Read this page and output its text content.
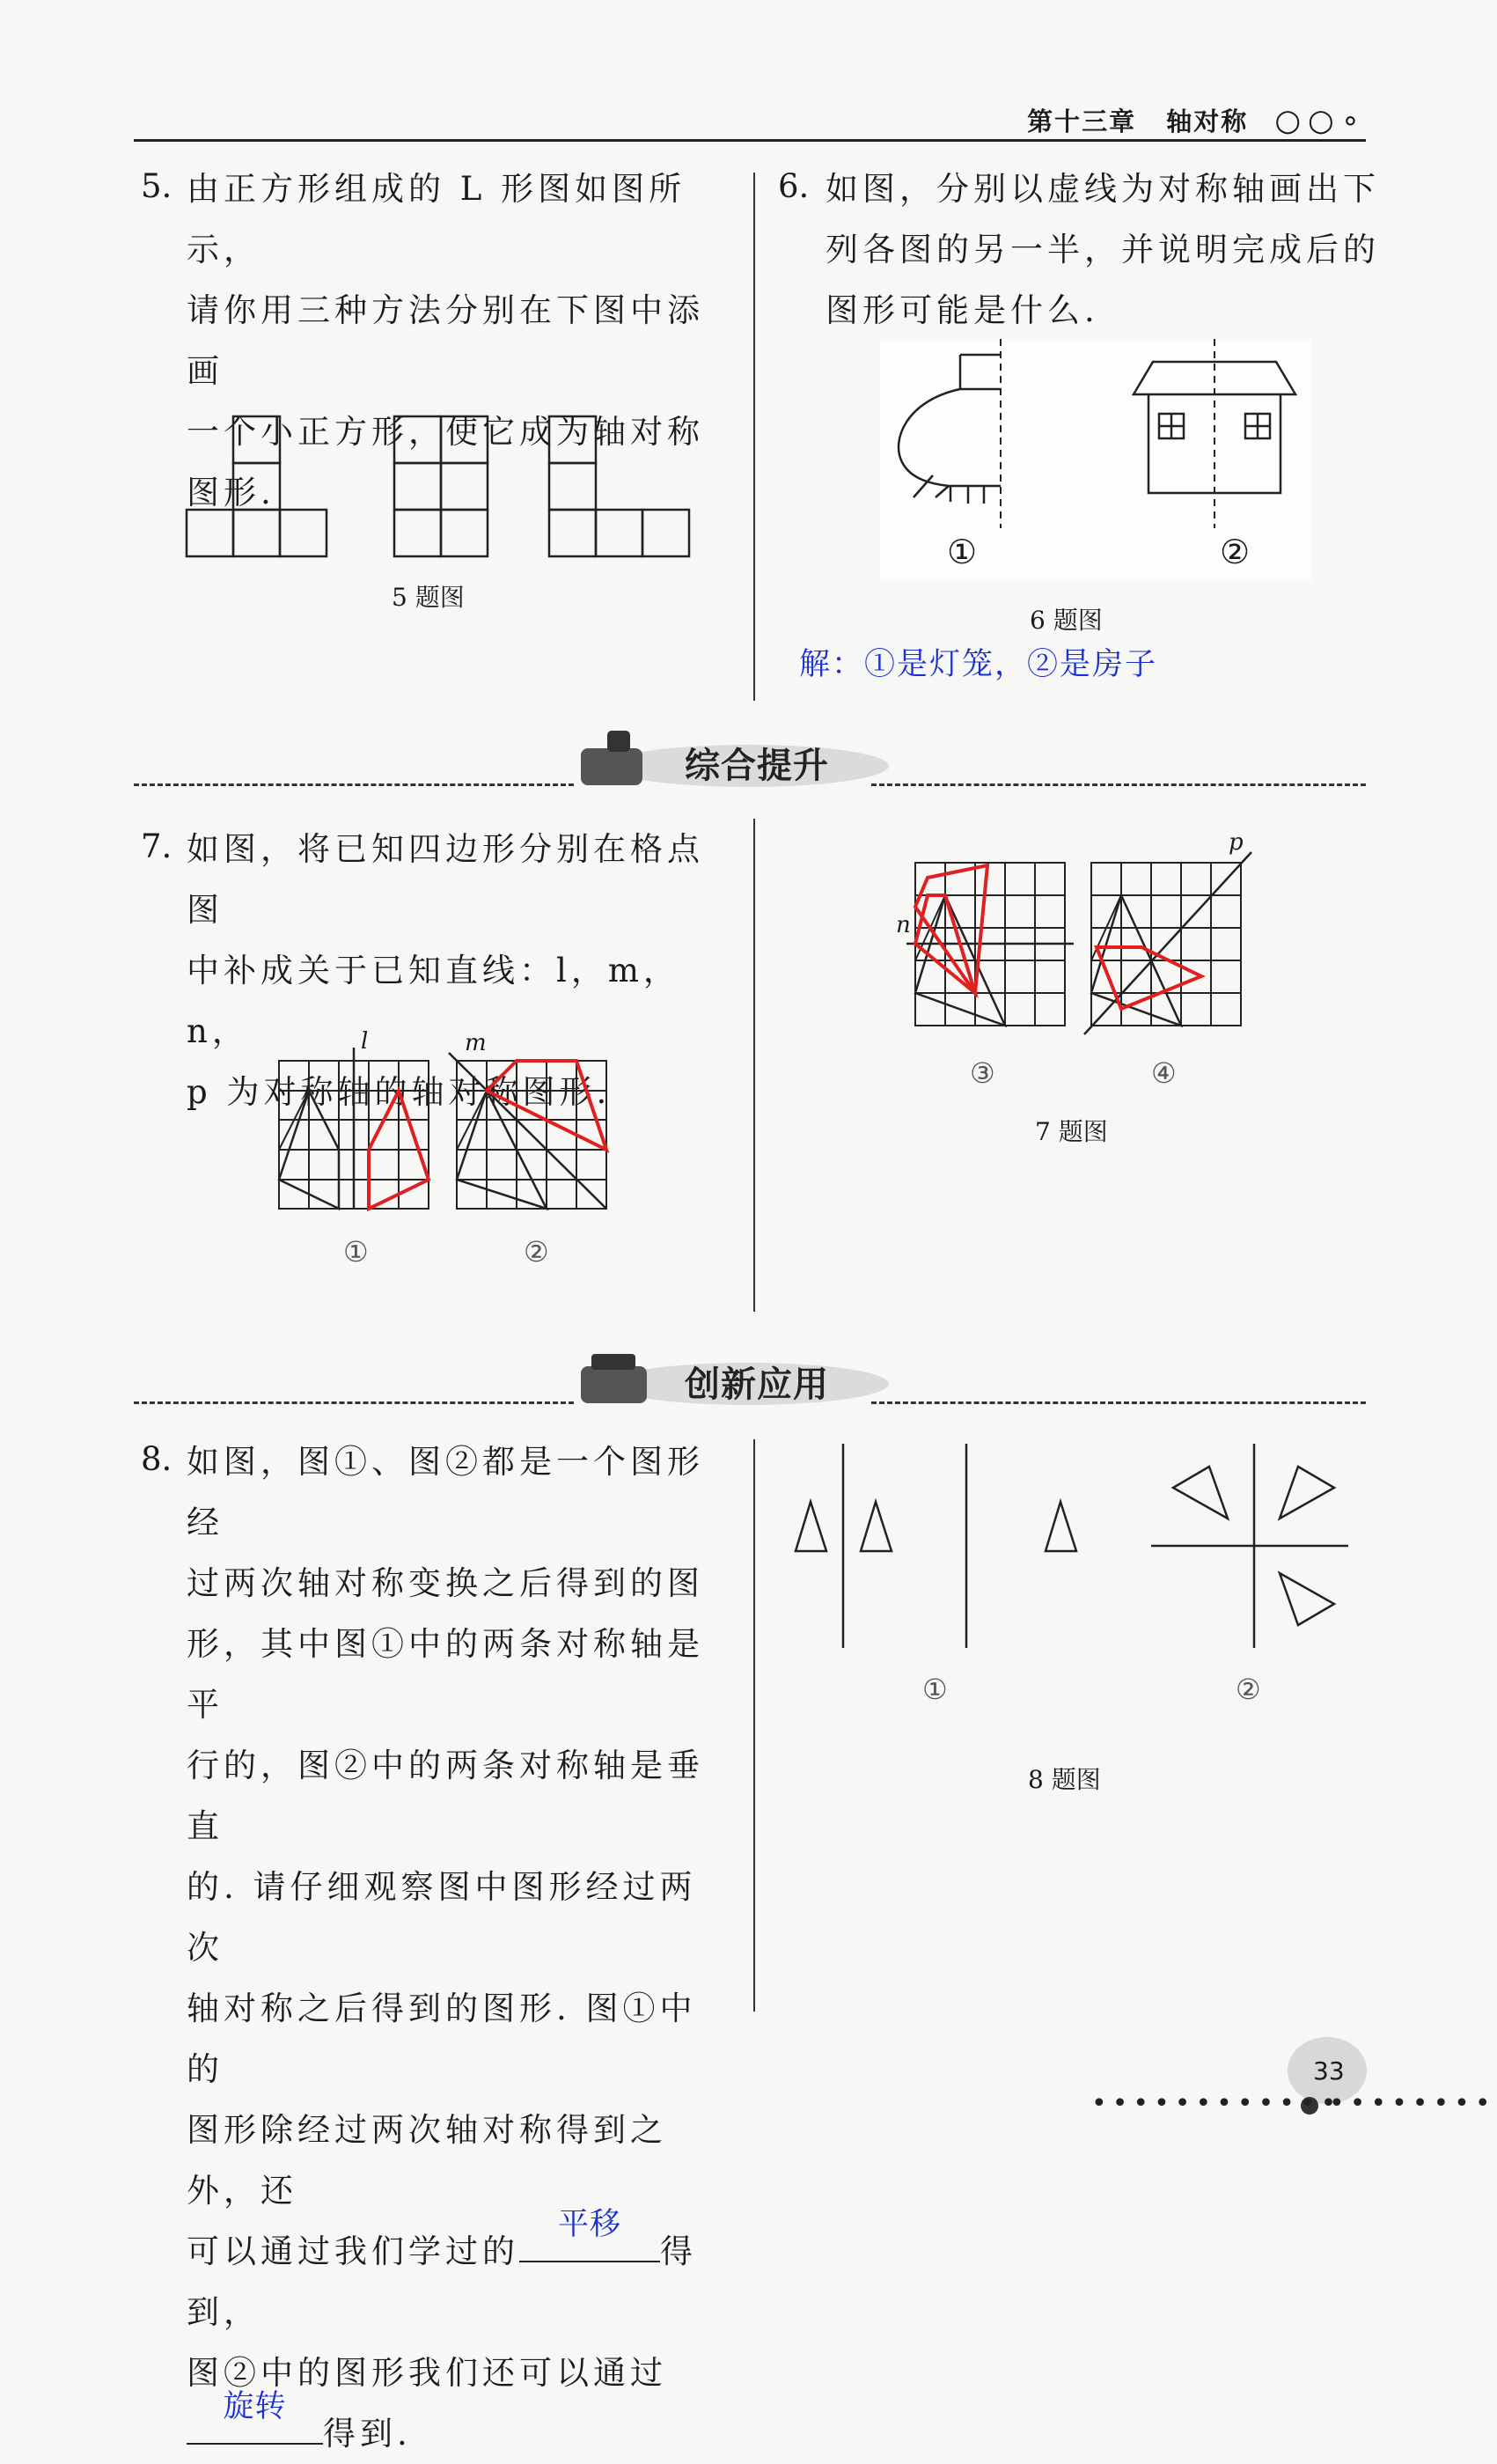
第十三章 轴对称 ○○∘
5. 由正方形组成的 L 形图如图所示，
请你用三种方法分别在下图中添画
一个小正方形，使它成为轴对称
图形.
5 题图
6. 如图，分别以虚线为对称轴画出下
列各图的另一半，并说明完成后的
图形可能是什么.
①	②
6 题图
解：①是灯笼，②是房子
综合提升
7. 如图，将已知四边形分别在格点图
中补成关于已知直线：l，m，n，
p 为对称轴的轴对称图形.
l	m
n
p
①	②
③	④
7 题图
创新应用
8. 如图，图①、图②都是一个图形经
过两次轴对称变换之后得到的图
形，其中图①中的两条对称轴是平
行的，图②中的两条对称轴是垂直
的. 请仔细观察图中图形经过两次
轴对称之后得到的图形. 图①中的
图形除经过两次轴对称得到之外，还
可以通过我们学过的
平移
得到，
图②中的图形我们还可以通过
旋转
得到.
①	②
8 题图
33
••••••••••••
••••••••
